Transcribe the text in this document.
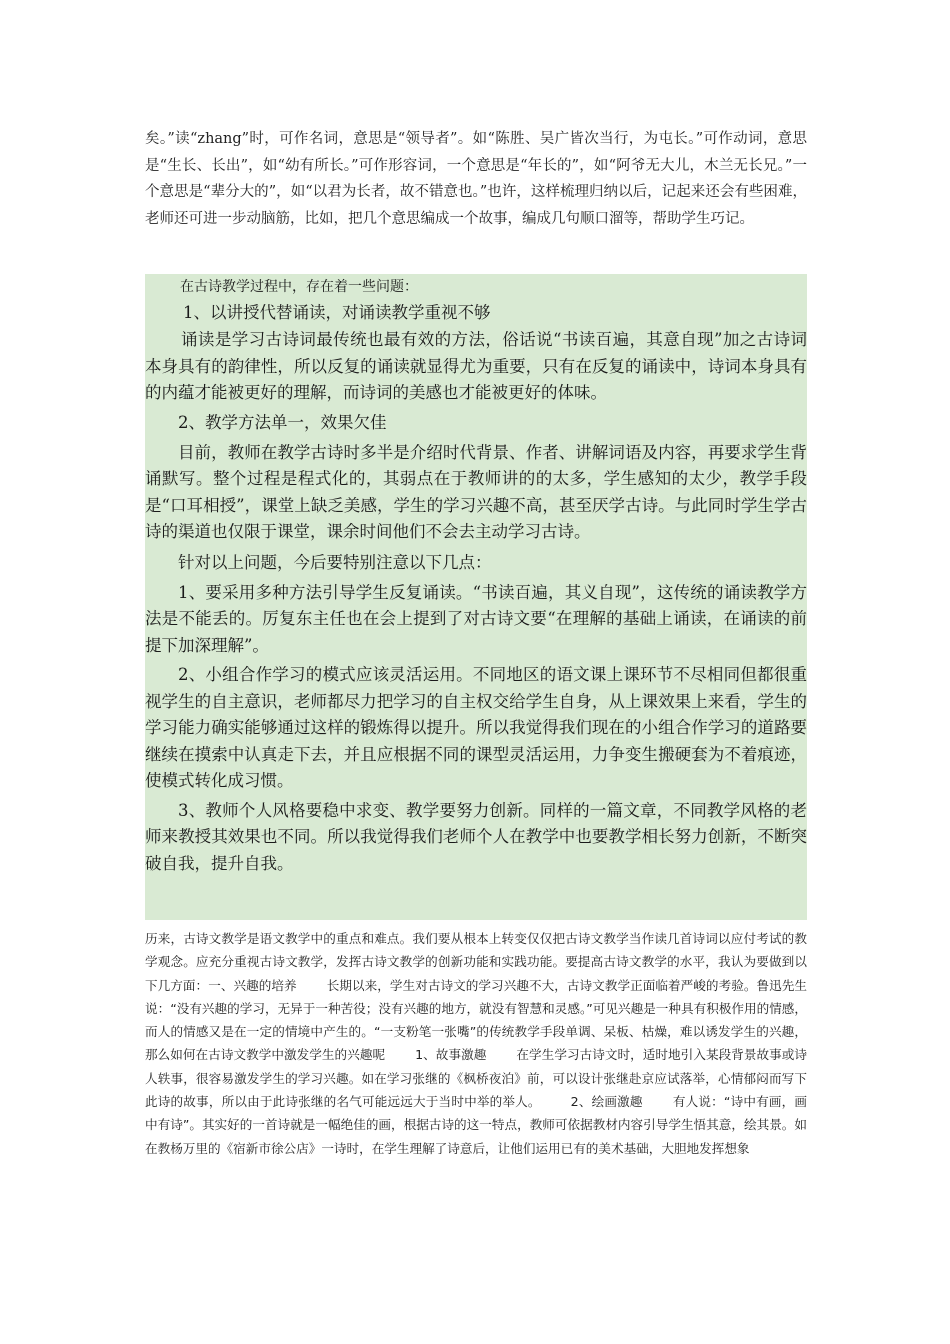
矣。”读“zhang”时，可作名词，意思是“领导者”。如“陈胜、吴广皆次当行，为屯长。”可作动词，意思是“生长、长出”，如“幼有所长。”可作形容词，一个意思是“年长的”，如“阿爷无大儿，木兰无长兄。”一个意思是“辈分大的”，如“以君为长者，故不错意也。”也许，这样梳理归纳以后，记起来还会有些困难，老师还可进一步动脑筋，比如，把几个意思编成一个故事，编成几句顺口溜等，帮助学生巧记。

在古诗教学过程中，存在着一些问题：

1、以讲授代替诵读，对诵读教学重视不够

诵读是学习古诗词最传统也最有效的方法，俗话说“书读百遍，其意自现”加之古诗词本身具有的韵律性，所以反复的诵读就显得尤为重要，只有在反复的诵读中，诗词本身具有的内蕴才能被更好的理解，而诗词的美感也才能被更好的体味。

2、教学方法单一，效果欠佳

目前，教师在教学古诗时多半是介绍时代背景、作者、讲解词语及内容，再要求学生背诵默写。整个过程是程式化的，其弱点在于教师讲的的太多，学生感知的太少，教学手段是“口耳相授”，课堂上缺乏美感，学生的学习兴趣不高，甚至厌学古诗。与此同时学生学古诗的渠道也仅限于课堂，课余时间他们不会去主动学习古诗。

针对以上问题，今后要特别注意以下几点：

1、要采用多种方法引导学生反复诵读。“书读百遍，其义自现”，这传统的诵读教学方法是不能丢的。厉复东主任也在会上提到了对古诗文要“在理解的基础上诵读，在诵读的前提下加深理解”。

2、小组合作学习的模式应该灵活运用。不同地区的语文课上课环节不尽相同但都很重视学生的自主意识，老师都尽力把学习的自主权交给学生自身，从上课效果上来看，学生的学习能力确实能够通过这样的锻炼得以提升。所以我觉得我们现在的小组合作学习的道路要继续在摸索中认真走下去，并且应根据不同的课型灵活运用，力争变生搬硬套为不着痕迹，使模式转化成习惯。

3、教师个人风格要稳中求变、教学要努力创新。同样的一篇文章，不同教学风格的老师来教授其效果也不同。所以我觉得我们老师个人在教学中也要教学相长努力创新，不断突破自我，提升自我。

历来，古诗文教学是语文教学中的重点和难点。我们要从根本上转变仅仅把古诗文教学当作读几首诗词以应付考试的教学观念。应充分重视古诗文教学，发挥古诗文教学的创新功能和实践功能。要提高古诗文教学的水平，我认为要做到以下几方面：一、兴趣的培养 长期以来，学生对古诗文的学习兴趣不大，古诗文教学正面临着严峻的考验。鲁迅先生说：“没有兴趣的学习，无异于一种苦役；没有兴趣的地方，就没有智慧和灵感。”可见兴趣是一种具有积极作用的情感，而人的情感又是在一定的情境中产生的。“一支粉笔一张嘴”的传统教学手段单调、呆板、枯燥，难以诱发学生的兴趣，那么如何在古诗文教学中激发学生的兴趣呢 1、故事激趣 在学生学习古诗文时，适时地引入某段背景故事或诗人轶事，很容易激发学生的学习兴趣。如在学习张继的《枫桥夜泊》前，可以设计张继赴京应试落举，心情郁闷而写下此诗的故事，所以由于此诗张继的名气可能远远大于当时中举的举人。 2、绘画激趣 有人说：“诗中有画，画中有诗”。其实好的一首诗就是一幅绝佳的画，根据古诗的这一特点，教师可依据教材内容引导学生悟其意，绘其景。如在教杨万里的《宿新市徐公店》一诗时，在学生理解了诗意后，让他们运用已有的美术基础，大胆地发挥想象
